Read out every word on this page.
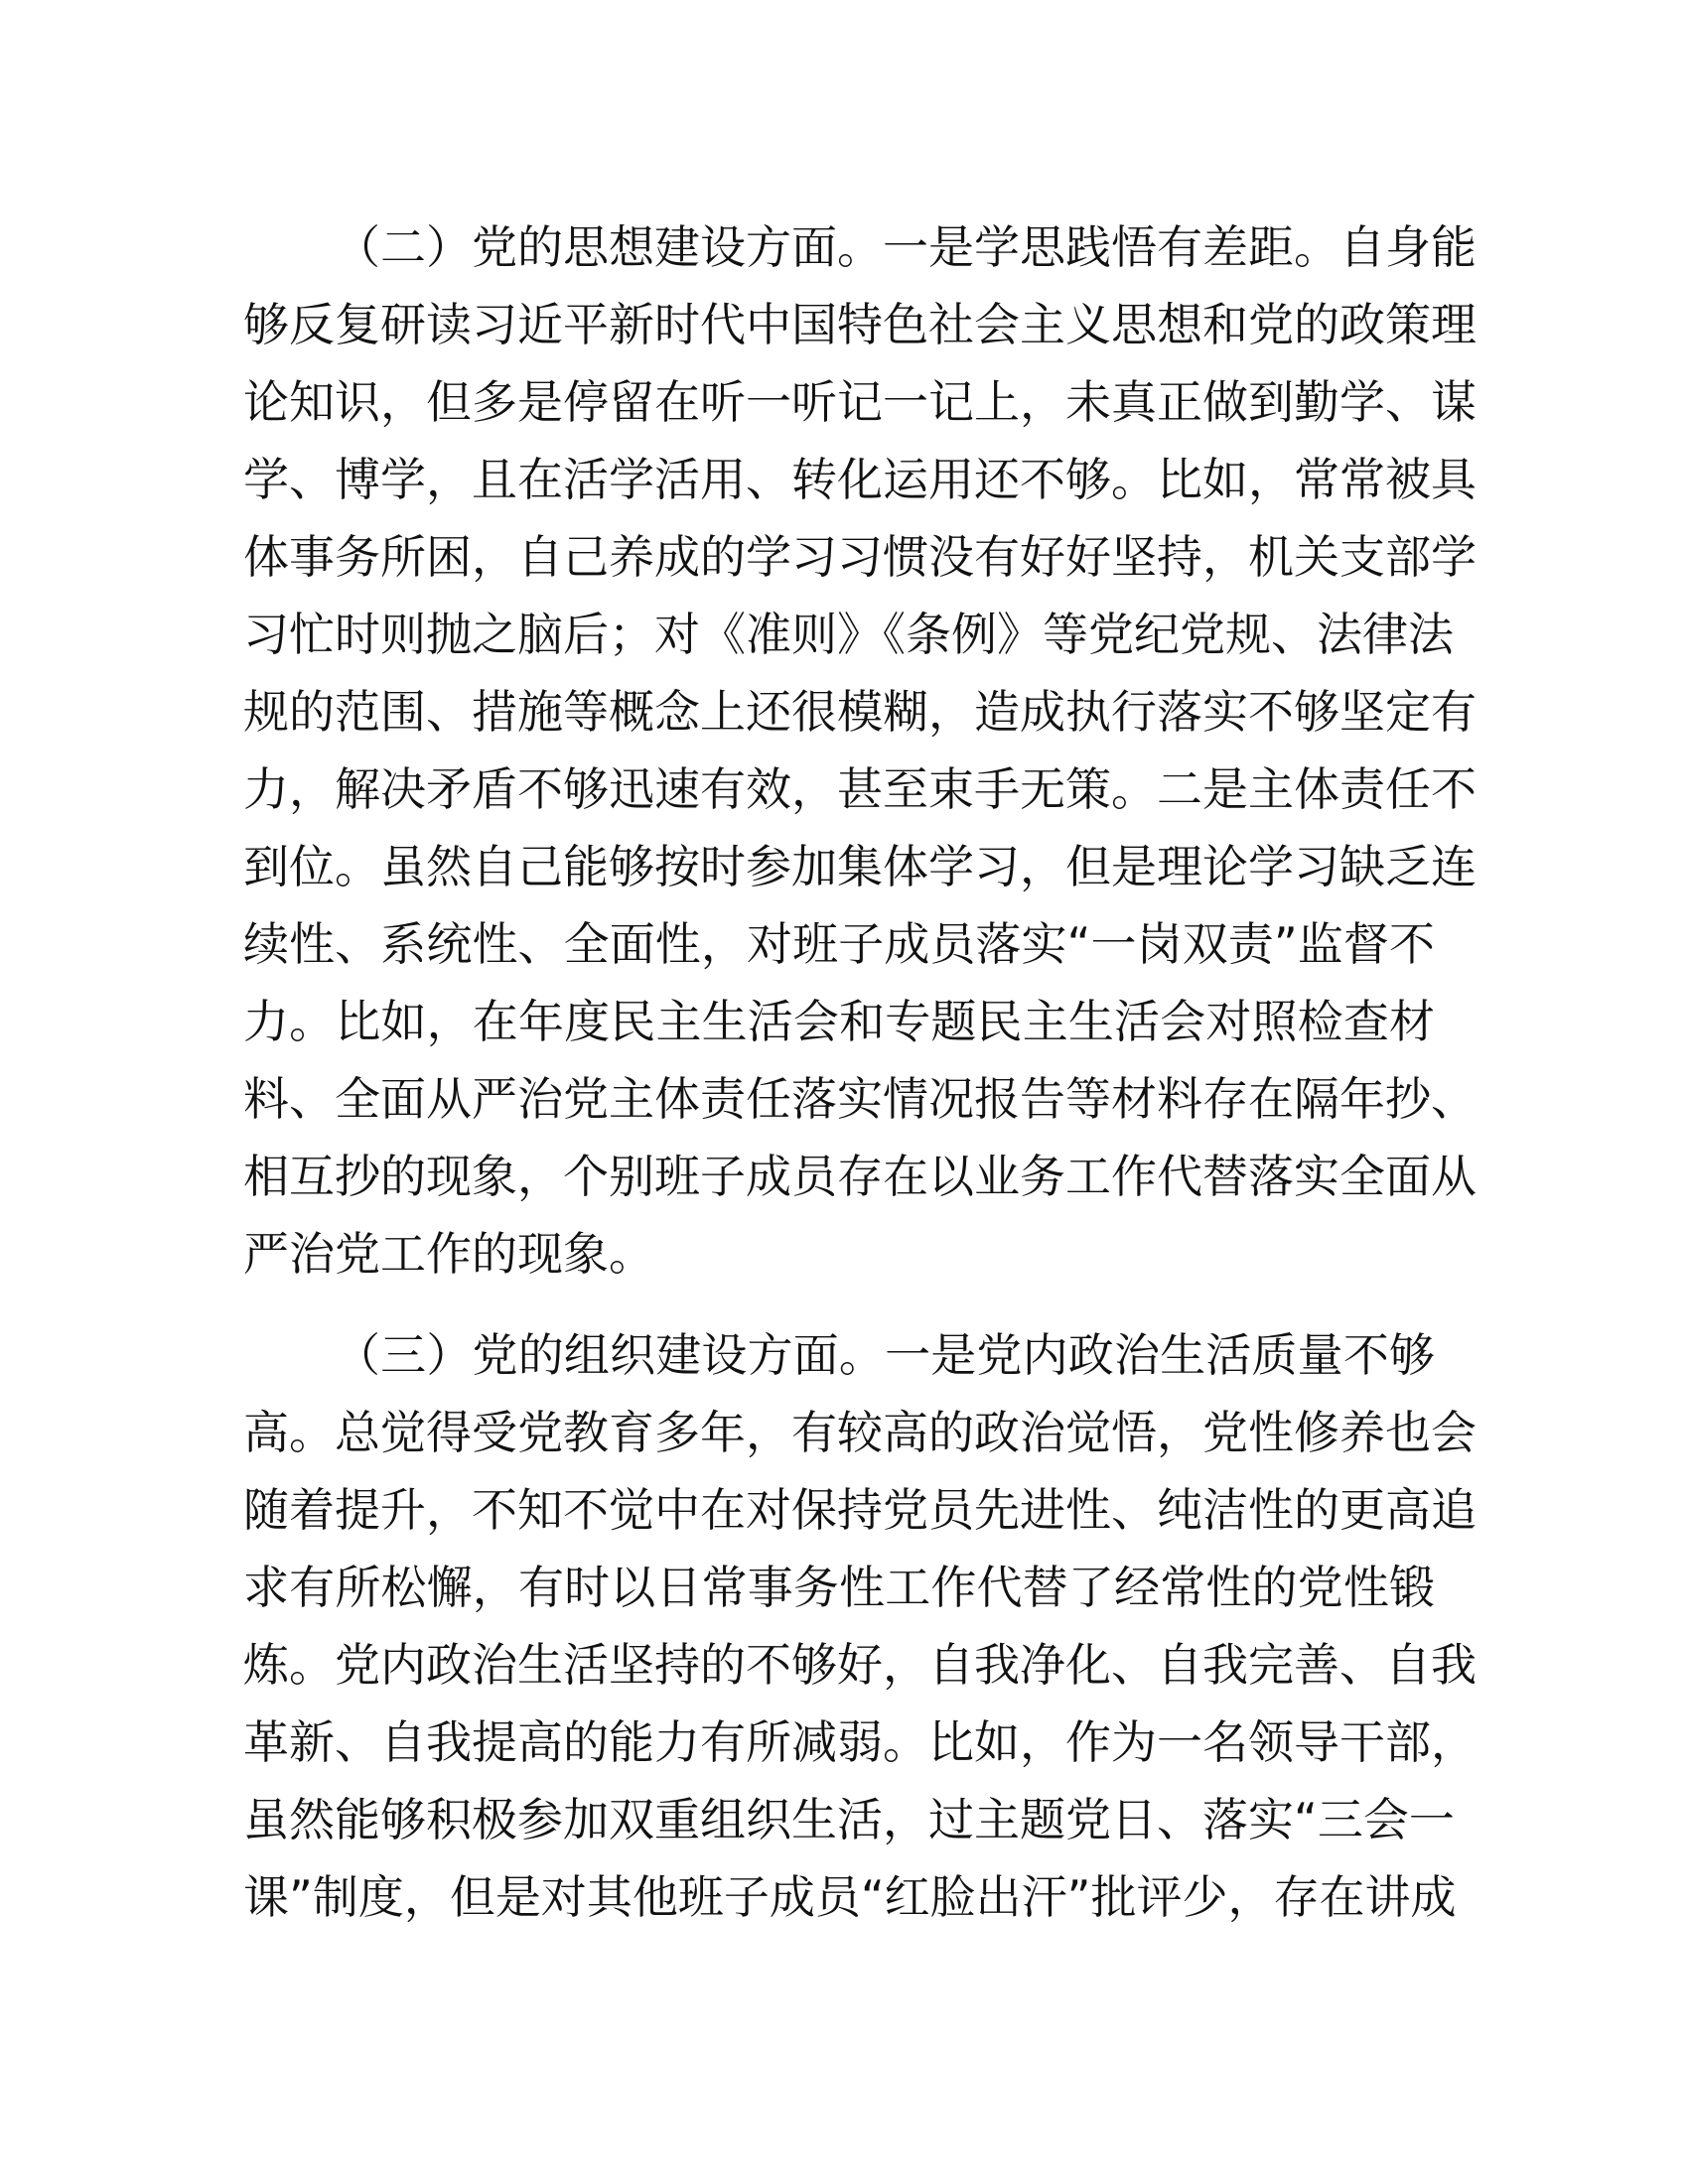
（二）党的思想建设方面。一是学思践悟有差距。自身能
够反复研读习近平新时代中国特色社会主义思想和党的政策理
论知识，但多是停留在听一听记一记上，未真正做到勤学、谋
学、博学，且在活学活用、转化运用还不够。比如，常常被具
体事务所困，自己养成的学习习惯没有好好坚持，机关支部学
习忙时则抛之脑后；对《准则》《条例》等党纪党规、法律法
规的范围、措施等概念上还很模糊，造成执行落实不够坚定有
力，解决矛盾不够迅速有效，甚至束手无策。二是主体责任不
到位。虽然自己能够按时参加集体学习，但是理论学习缺乏连
续性、系统性、全面性，对班子成员落实“一岗双责”监督不
力。比如，在年度民主生活会和专题民主生活会对照检查材
料、全面从严治党主体责任落实情况报告等材料存在隔年抄、
相互抄的现象，个别班子成员存在以业务工作代替落实全面从
严治党工作的现象。
（三）党的组织建设方面。一是党内政治生活质量不够
高。总觉得受党教育多年，有较高的政治觉悟，党性修养也会
随着提升，不知不觉中在对保持党员先进性、纯洁性的更高追
求有所松懈，有时以日常事务性工作代替了经常性的党性锻
炼。党内政治生活坚持的不够好，自我净化、自我完善、自我
革新、自我提高的能力有所减弱。比如，作为一名领导干部，
虽然能够积极参加双重组织生活，过主题党日、落实“三会一
课”制度，但是对其他班子成员“红脸出汗”批评少，存在讲成
